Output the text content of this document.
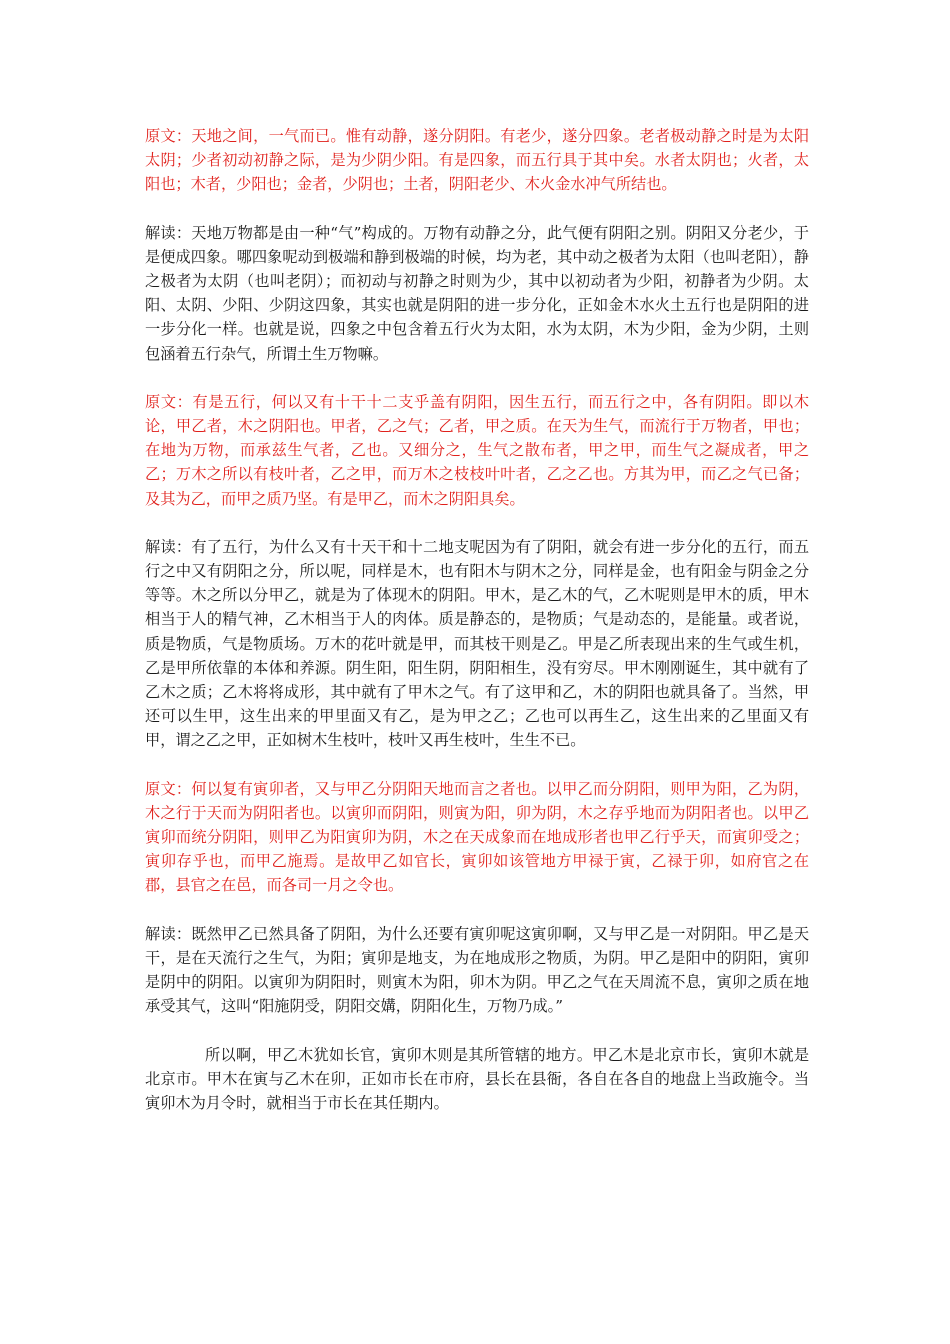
原文：天地之间，一气而已。惟有动静，遂分阴阳。有老少，遂分四象。老者极动静之时是为太阳太阴；少者初动初静之际，是为少阴少阳。有是四象，而五行具于其中矣。水者太阴也；火者，太阳也；木者，少阳也；金者，少阴也；土者，阴阳老少、木火金水冲气所结也。

解读：天地万物都是由一种“气”构成的。万物有动静之分，此气便有阴阳之别。阴阳又分老少，于是便成四象。哪四象呢动到极端和静到极端的时候，均为老，其中动之极者为太阳（也叫老阳），静之极者为太阴（也叫老阴）；而初动与初静之时则为少，其中以初动者为少阳，初静者为少阴。太阳、太阴、少阳、少阴这四象，其实也就是阴阳的进一步分化，正如金木水火土五行也是阴阳的进一步分化一样。也就是说，四象之中包含着五行火为太阳，水为太阴，木为少阳，金为少阴，土则包涵着五行杂气，所谓土生万物嘛。

原文：有是五行，何以又有十干十二支乎盖有阴阳，因生五行，而五行之中，各有阴阳。即以木论，甲乙者，木之阴阳也。甲者，乙之气；乙者，甲之质。在天为生气，而流行于万物者，甲也；在地为万物，而承兹生气者，乙也。又细分之，生气之散布者，甲之甲，而生气之凝成者，甲之乙；万木之所以有枝叶者，乙之甲，而万木之枝枝叶叶者，乙之乙也。方其为甲，而乙之气已备；及其为乙，而甲之质乃坚。有是甲乙，而木之阴阳具矣。

解读：有了五行，为什么又有十天干和十二地支呢因为有了阴阳，就会有进一步分化的五行，而五行之中又有阴阳之分，所以呢，同样是木，也有阳木与阴木之分，同样是金，也有阳金与阴金之分等等。木之所以分甲乙，就是为了体现木的阴阳。甲木，是乙木的气，乙木呢则是甲木的质，甲木相当于人的精气神，乙木相当于人的肉体。质是静态的，是物质；气是动态的，是能量。或者说，质是物质，气是物质场。万木的花叶就是甲，而其枝干则是乙。甲是乙所表现出来的生气或生机，乙是甲所依靠的本体和养源。阴生阳，阳生阴，阴阳相生，没有穷尽。甲木刚刚诞生，其中就有了乙木之质；乙木将将成形，其中就有了甲木之气。有了这甲和乙，木的阴阳也就具备了。当然，甲还可以生甲，这生出来的甲里面又有乙，是为甲之乙；乙也可以再生乙，这生出来的乙里面又有甲，谓之乙之甲，正如树木生枝叶，枝叶又再生枝叶，生生不已。

原文：何以复有寅卯者，又与甲乙分阴阳天地而言之者也。以甲乙而分阴阳，则甲为阳，乙为阴，木之行于天而为阴阳者也。以寅卯而阴阳，则寅为阳，卯为阴，木之存乎地而为阴阳者也。以甲乙寅卯而统分阴阳，则甲乙为阳寅卯为阴，木之在天成象而在地成形者也甲乙行乎天，而寅卯受之；寅卯存乎也，而甲乙施焉。是故甲乙如官长，寅卯如该管地方甲禄于寅，乙禄于卯，如府官之在郡，县官之在邑，而各司一月之令也。

解读：既然甲乙已然具备了阴阳，为什么还要有寅卯呢这寅卯啊，又与甲乙是一对阴阳。甲乙是天干，是在天流行之生气，为阳；寅卯是地支，为在地成形之物质，为阴。甲乙是阳中的阴阳，寅卯是阴中的阴阳。以寅卯为阴阳时，则寅木为阳，卯木为阴。甲乙之气在天周流不息，寅卯之质在地承受其气，这叫“阳施阴受，阴阳交媾，阴阳化生，万物乃成。”

所以啊，甲乙木犹如长官，寅卯木则是其所管辖的地方。甲乙木是北京市长，寅卯木就是北京市。甲木在寅与乙木在卯，正如市长在市府，县长在县衙，各自在各自的地盘上当政施令。当寅卯木为月令时，就相当于市长在其任期内。
